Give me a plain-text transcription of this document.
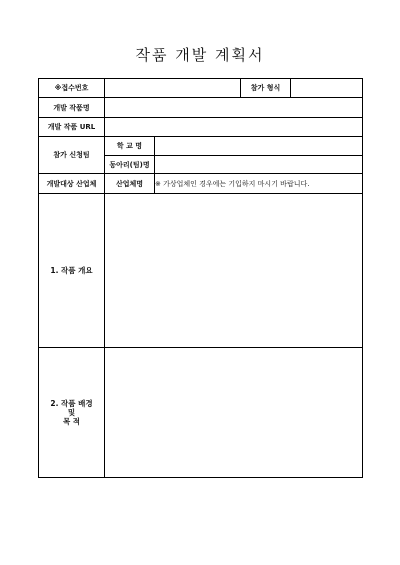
작품 개발 계획서
※접수번호			참가 형식	
개발 작품명				
개발 작품 URL				
참가 신청팀	학 교 명			
	동아리(팀)명			
개발대상 산업체	산업체명	※ 가상업체인 경우에는 기입하지 마시기 바랍니다.		
1. 작품 개요				

2. 작품 배경
및
목 적				
